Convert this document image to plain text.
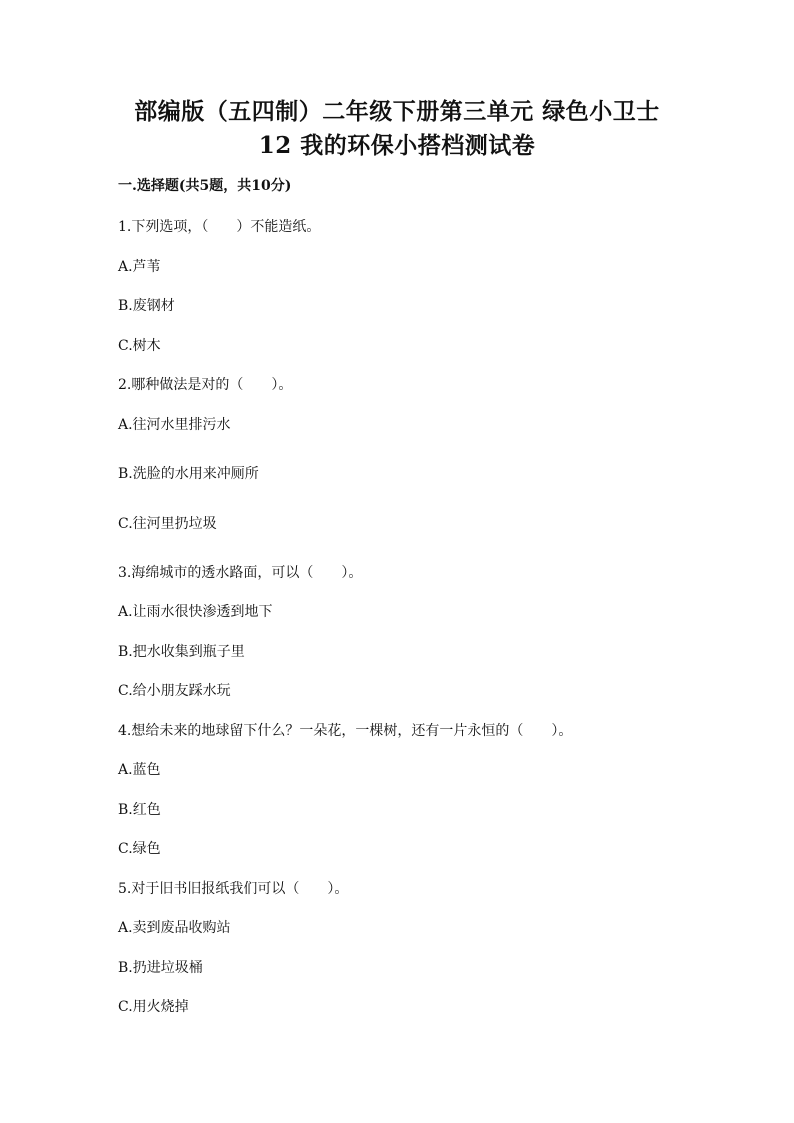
部编版（五四制）二年级下册第三单元 绿色小卫士
12 我的环保小搭档测试卷
一.选择题(共5题，共10分)
1.下列选项，（　　）不能造纸。
A.芦苇
B.废钢材
C.树木
2.哪种做法是对的（　　）。
A.往河水里排污水
B.洗脸的水用来冲厕所
C.往河里扔垃圾
3.海绵城市的透水路面，可以（　　）。
A.让雨水很快渗透到地下
B.把水收集到瓶子里
C.给小朋友踩水玩
4.想给未来的地球留下什么？一朵花，一棵树，还有一片永恒的（　　）。
A.蓝色
B.红色
C.绿色
5.对于旧书旧报纸我们可以（　　）。
A.卖到废品收购站
B.扔进垃圾桶
C.用火烧掉
